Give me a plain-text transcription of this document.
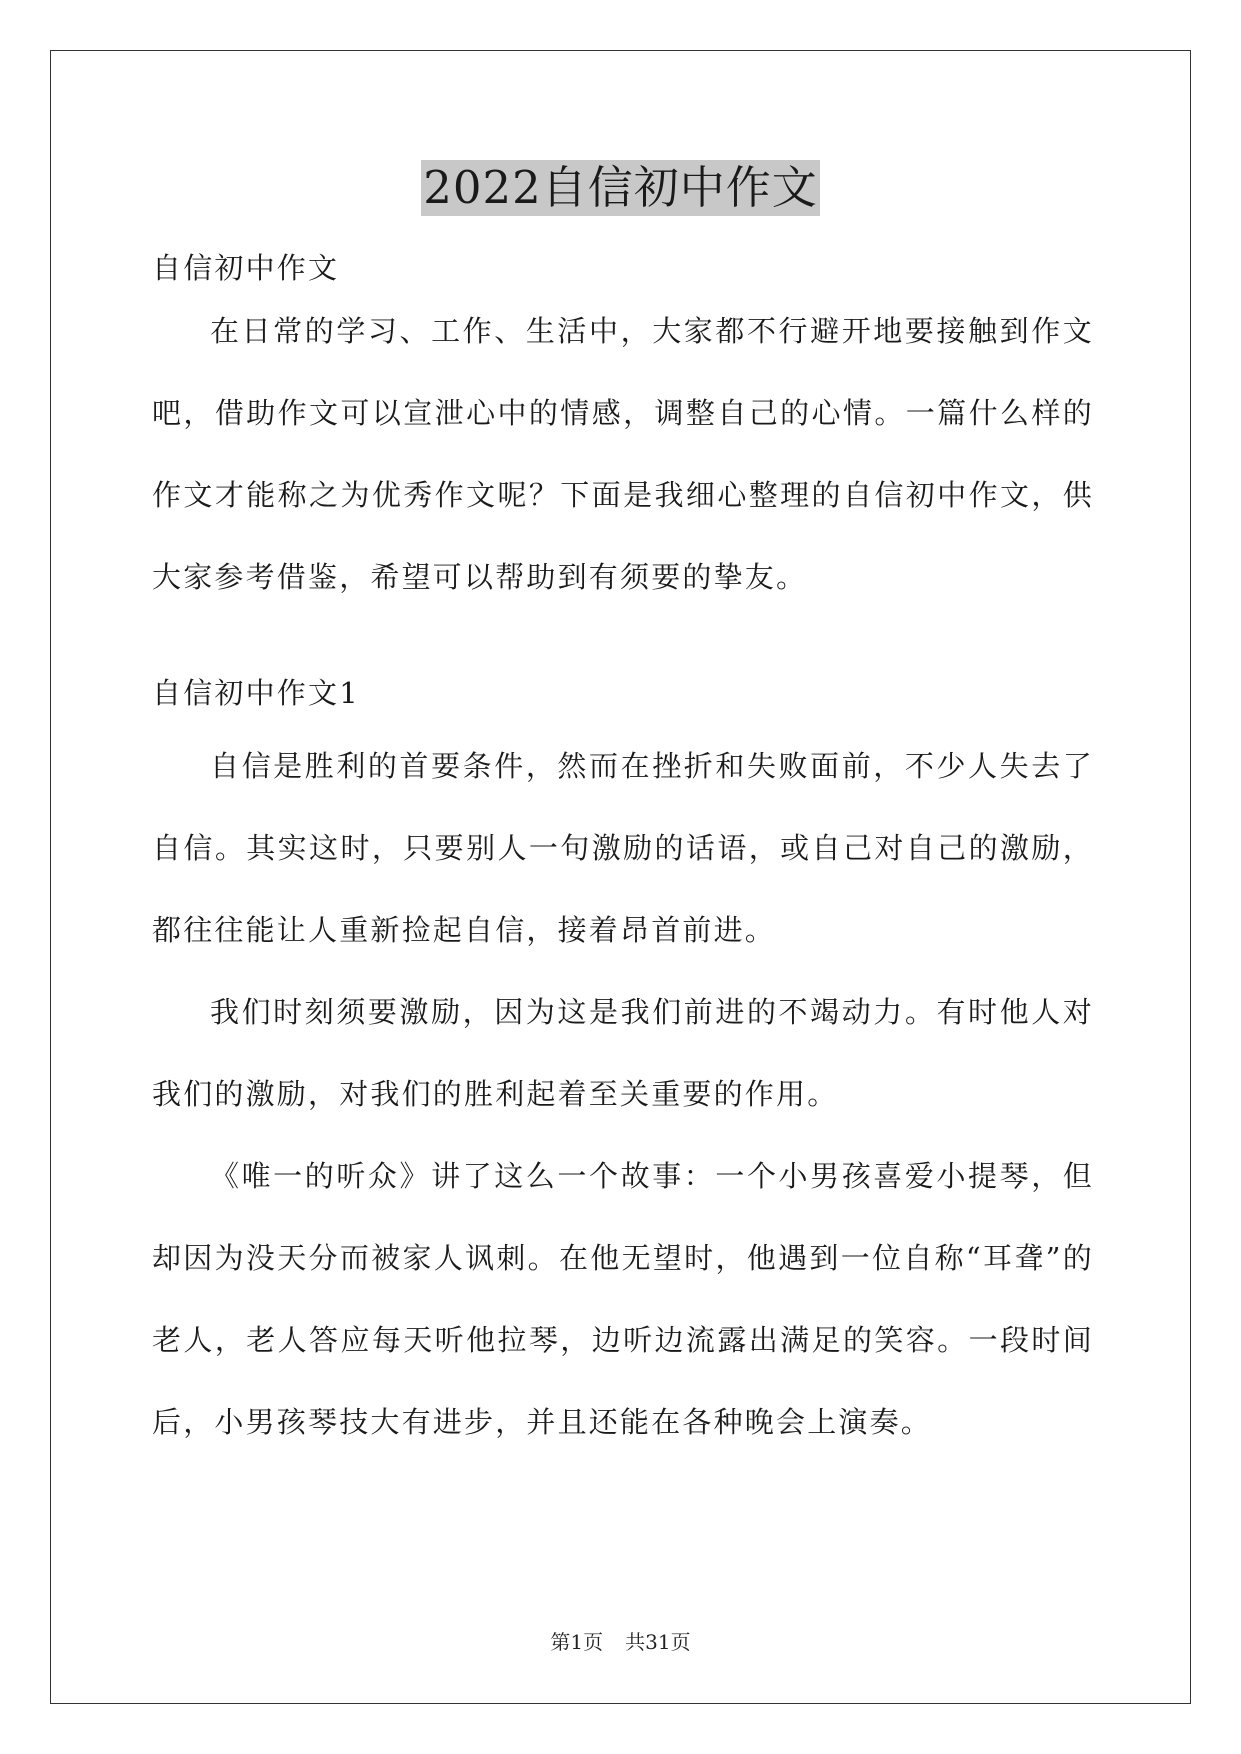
2022自信初中作文
自信初中作文
在日常的学习、工作、生活中，大家都不行避开地要接触到作文吧，借助作文可以宣泄心中的情感，调整自己的心情。一篇什么样的作文才能称之为优秀作文呢？下面是我细心整理的自信初中作文，供大家参考借鉴，希望可以帮助到有须要的挚友。
自信初中作文1
自信是胜利的首要条件，然而在挫折和失败面前，不少人失去了自信。其实这时，只要别人一句激励的话语，或自己对自己的激励，都往往能让人重新捡起自信，接着昂首前进。
我们时刻须要激励，因为这是我们前进的不竭动力。有时他人对我们的激励，对我们的胜利起着至关重要的作用。
《唯一的听众》讲了这么一个故事：一个小男孩喜爱小提琴，但却因为没天分而被家人讽刺。在他无望时，他遇到一位自称“耳聋”的老人，老人答应每天听他拉琴，边听边流露出满足的笑容。一段时间后，小男孩琴技大有进步，并且还能在各种晚会上演奏。
第1页 共31页
